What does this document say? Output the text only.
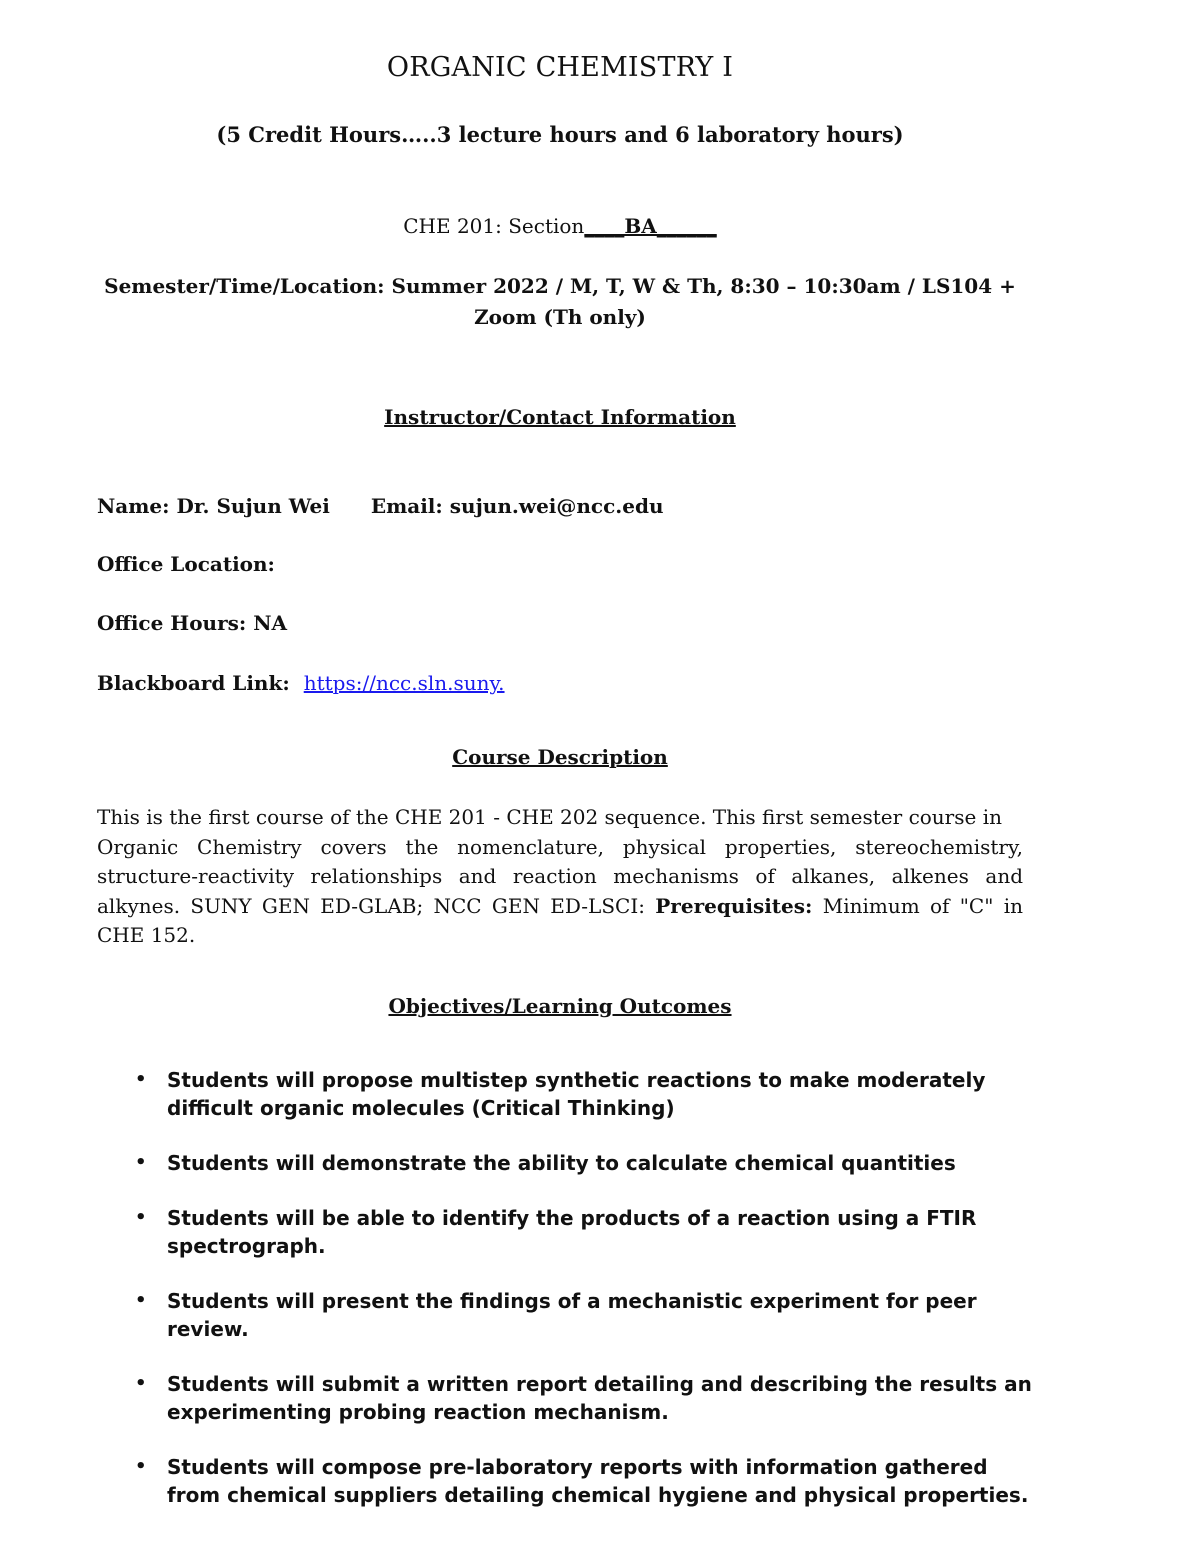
ORGANIC CHEMISTRY I
(5 Credit Hours…..3 lecture hours and 6 laboratory hours)
CHE 201: Section____BA______
Semester/Time/Location: Summer 2022 / M, T, W & Th, 8:30 – 10:30am / LS104 + Zoom (Th only)
Instructor/Contact Information
Name: Dr. Sujun Wei Email: sujun.wei@ncc.edu
Office Location:
Office Hours: NA
Blackboard Link: https://ncc.sln.suny.
Course Description
This is the first course of the CHE 201 - CHE 202 sequence. This first semester course in
Organic Chemistry covers the nomenclature, physical properties, stereochemistry, structure-reactivity relationships and reaction mechanisms of alkanes, alkenes and alkynes. SUNY GEN ED-GLAB; NCC GEN ED-LSCI: Prerequisites: Minimum of "C" in CHE 152.
Objectives/Learning Outcomes
• Students will propose multistep synthetic reactions to make moderately difficult organic molecules (Critical Thinking)
• Students will demonstrate the ability to calculate chemical quantities
• Students will be able to identify the products of a reaction using a FTIR spectrograph.
• Students will present the findings of a mechanistic experiment for peer review.
• Students will submit a written report detailing and describing the results an experimenting probing reaction mechanism.
• Students will compose pre-laboratory reports with information gathered from chemical suppliers detailing chemical hygiene and physical properties.
